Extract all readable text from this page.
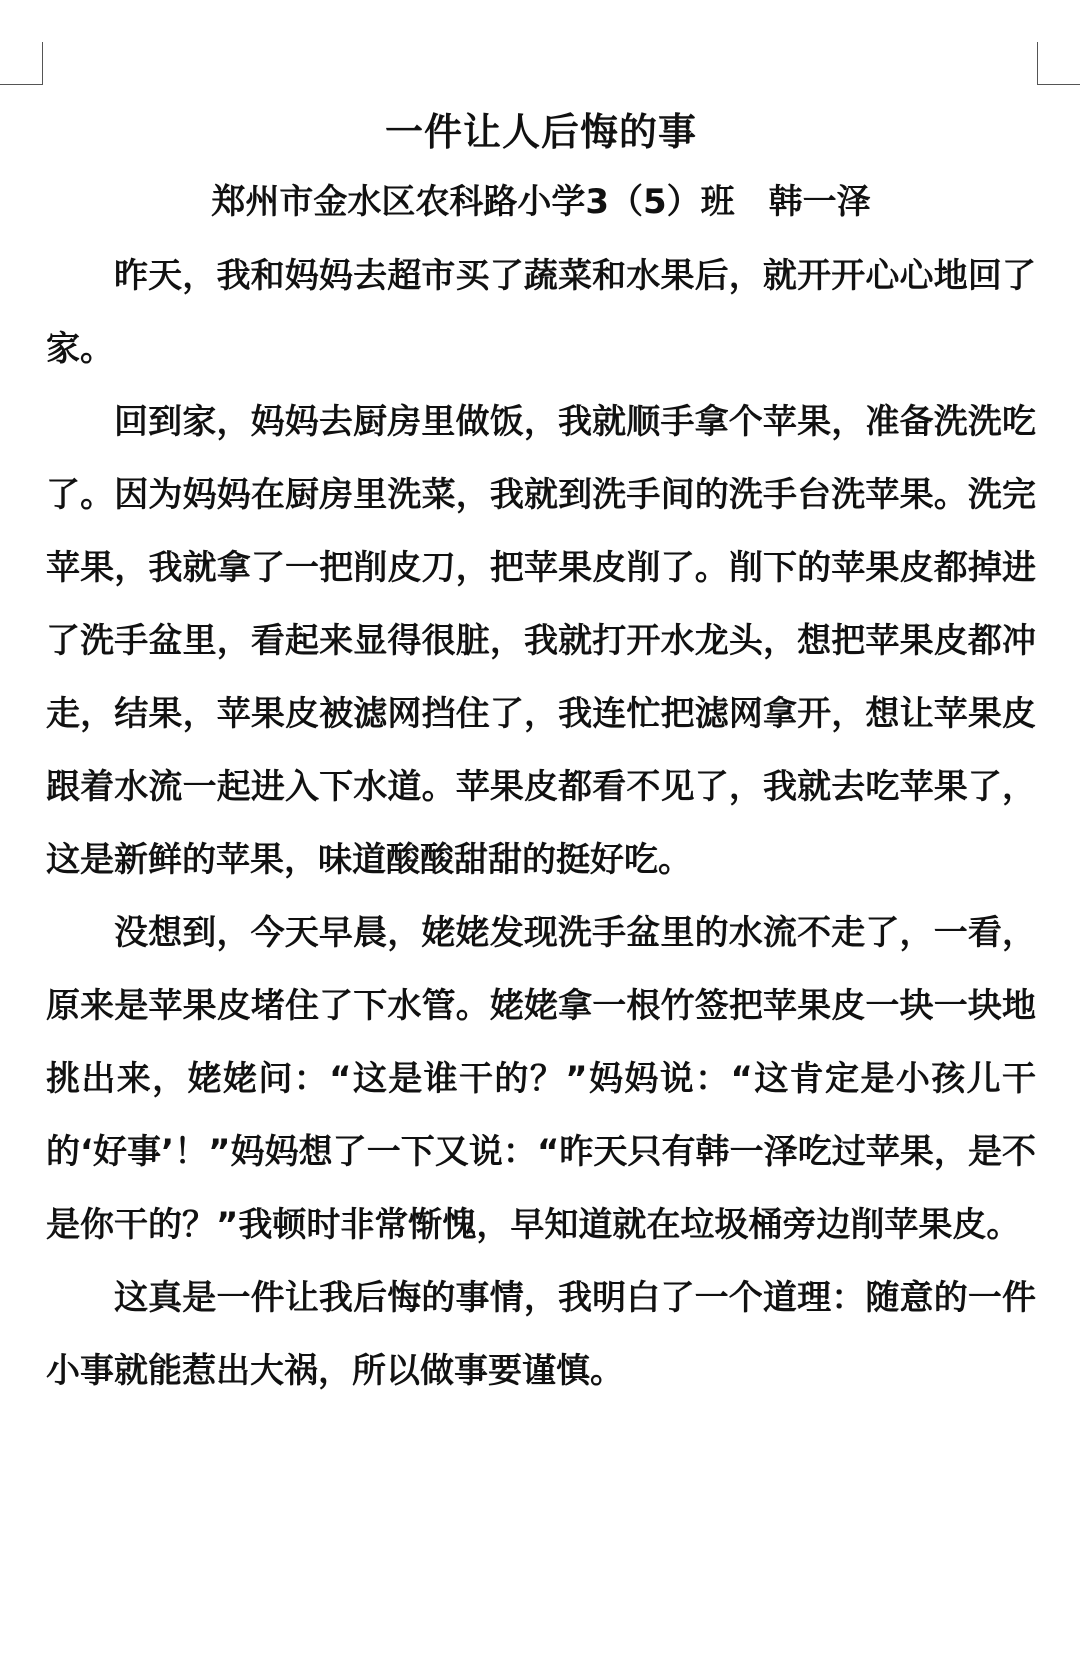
一件让人后悔的事

郑州市金水区农科路小学3（5）班　韩一泽

昨天，我和妈妈去超市买了蔬菜和水果后，就开开心心地回了家。

回到家，妈妈去厨房里做饭，我就顺手拿个苹果，准备洗洗吃了。因为妈妈在厨房里洗菜，我就到洗手间的洗手台洗苹果。洗完苹果，我就拿了一把削皮刀，把苹果皮削了。削下的苹果皮都掉进了洗手盆里，看起来显得很脏，我就打开水龙头，想把苹果皮都冲走，结果，苹果皮被滤网挡住了，我连忙把滤网拿开，想让苹果皮跟着水流一起进入下水道。苹果皮都看不见了，我就去吃苹果了，这是新鲜的苹果，味道酸酸甜甜的挺好吃。

没想到，今天早晨，姥姥发现洗手盆里的水流不走了，一看，原来是苹果皮堵住了下水管。姥姥拿一根竹签把苹果皮一块一块地挑出来，姥姥问：“这是谁干的？”妈妈说：“这肯定是小孩儿干的‘好事’！”妈妈想了一下又说：“昨天只有韩一泽吃过苹果，是不是你干的？”我顿时非常惭愧，早知道就在垃圾桶旁边削苹果皮。

这真是一件让我后悔的事情，我明白了一个道理：随意的一件小事就能惹出大祸，所以做事要谨慎。
